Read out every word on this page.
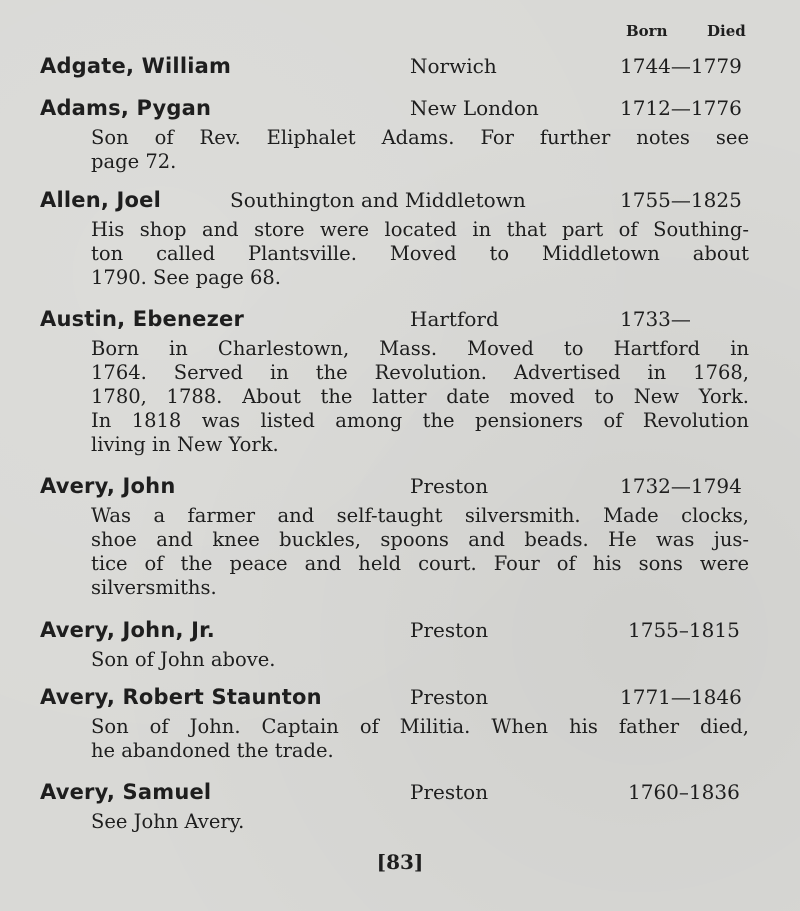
Born	Died
Adgate, William	Norwich	1744—1779
Adams, Pygan	New London	1712—1776
Son of Rev. Eliphalet Adams. For further notes see
page 72.
Allen, Joel	Southington and Middletown	1755—1825
His shop and store were located in that part of Southing-
ton called Plantsville. Moved to Middletown about
1790. See page 68.
Austin, Ebenezer	Hartford	1733—
Born in Charlestown, Mass. Moved to Hartford in
1764. Served in the Revolution. Advertised in 1768,
1780, 1788. About the latter date moved to New York.
In 1818 was listed among the pensioners of Revolution
living in New York.
Avery, John	Preston	1732—1794
Was a farmer and self-taught silversmith. Made clocks,
shoe and knee buckles, spoons and beads. He was jus-
tice of the peace and held court. Four of his sons were
silversmiths.
Avery, John, Jr.	Preston	1755–1815
Son of John above.
Avery, Robert Staunton	Preston	1771—1846
Son of John. Captain of Militia. When his father died,
he abandoned the trade.
Avery, Samuel	Preston	1760–1836
See John Avery.
[83]
